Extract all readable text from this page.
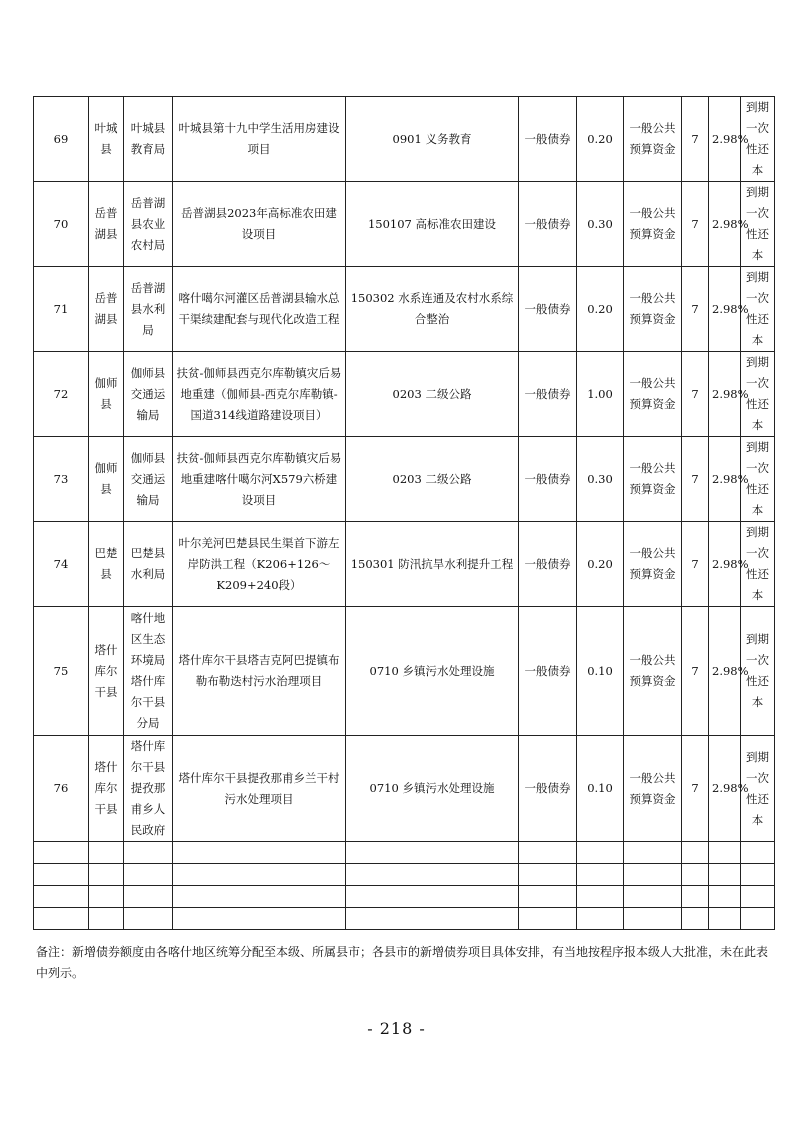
69	叶城县	叶城县教育局	叶城县第十九中学生活用房建设项目	0901 义务教育	一般债券	0.20	一般公共预算资金	7	2.98%	到期一次性还本
70	岳普湖县	岳普湖县农业农村局	岳普湖县2023年高标准农田建设项目	150107 高标准农田建设	一般债券	0.30	一般公共预算资金	7	2.98%	到期一次性还本
71	岳普湖县	岳普湖县水利局	喀什噶尔河灌区岳普湖县输水总干渠续建配套与现代化改造工程	150302 水系连通及农村水系综合整治	一般债券	0.20	一般公共预算资金	7	2.98%	到期一次性还本
72	伽师县	伽师县交通运输局	扶贫-伽师县西克尔库勒镇灾后易地重建（伽师县-西克尔库勒镇-国道314线道路建设项目）	0203 二级公路	一般债券	1.00	一般公共预算资金	7	2.98%	到期一次性还本
73	伽师县	伽师县交通运输局	扶贫-伽师县西克尔库勒镇灾后易地重建喀什噶尔河X579六桥建设项目	0203 二级公路	一般债券	0.30	一般公共预算资金	7	2.98%	到期一次性还本
74	巴楚县	巴楚县水利局	叶尔羌河巴楚县民生渠首下游左岸防洪工程（K206+126～K209+240段）	150301 防汛抗旱水利提升工程	一般债券	0.20	一般公共预算资金	7	2.98%	到期一次性还本
75	塔什库尔干县	喀什地区生态环境局塔什库尔干县分局	塔什库尔干县塔吉克阿巴提镇布勒布勒迭村污水治理项目	0710 乡镇污水处理设施	一般债券	0.10	一般公共预算资金	7	2.98%	到期一次性还本
76	塔什库尔干县	塔什库尔干县提孜那甫乡人民政府	塔什库尔干县提孜那甫乡兰干村污水处理项目	0710 乡镇污水处理设施	一般债券	0.10	一般公共预算资金	7	2.98%	到期一次性还本

备注：新增债券额度由各喀什地区统筹分配至本级、所属县市；各县市的新增债券项目具体安排，有当地按程序报本级人大批准，未在此表中列示。
- 218 -
